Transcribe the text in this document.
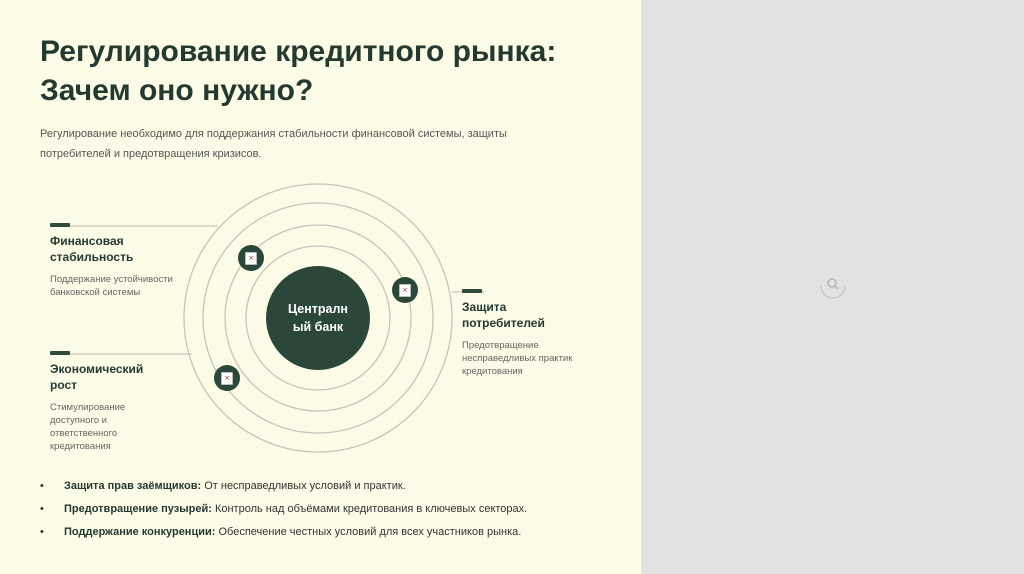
Регулирование кредитного рынка:
Зачем оно нужно?

Регулирование необходимо для поддержания стабильности финансовой системы, защиты потребителей и предотвращения кризисов.

Централн
ый банк
×
×
×
Финансовая
стабильность
Поддержание устойчивости банковской системы
Экономический
рост
Стимулирование доступного и ответственного кредитования
Защита
потребителей
Предотвращение несправедливых практик кредитования
• Защита прав заёмщиков: От несправедливых условий и практик.
• Предотвращение пузырей: Контроль над объёмами кредитования в ключевых секторах.
• Поддержание конкуренции: Обеспечение честных условий для всех участников рынка.
